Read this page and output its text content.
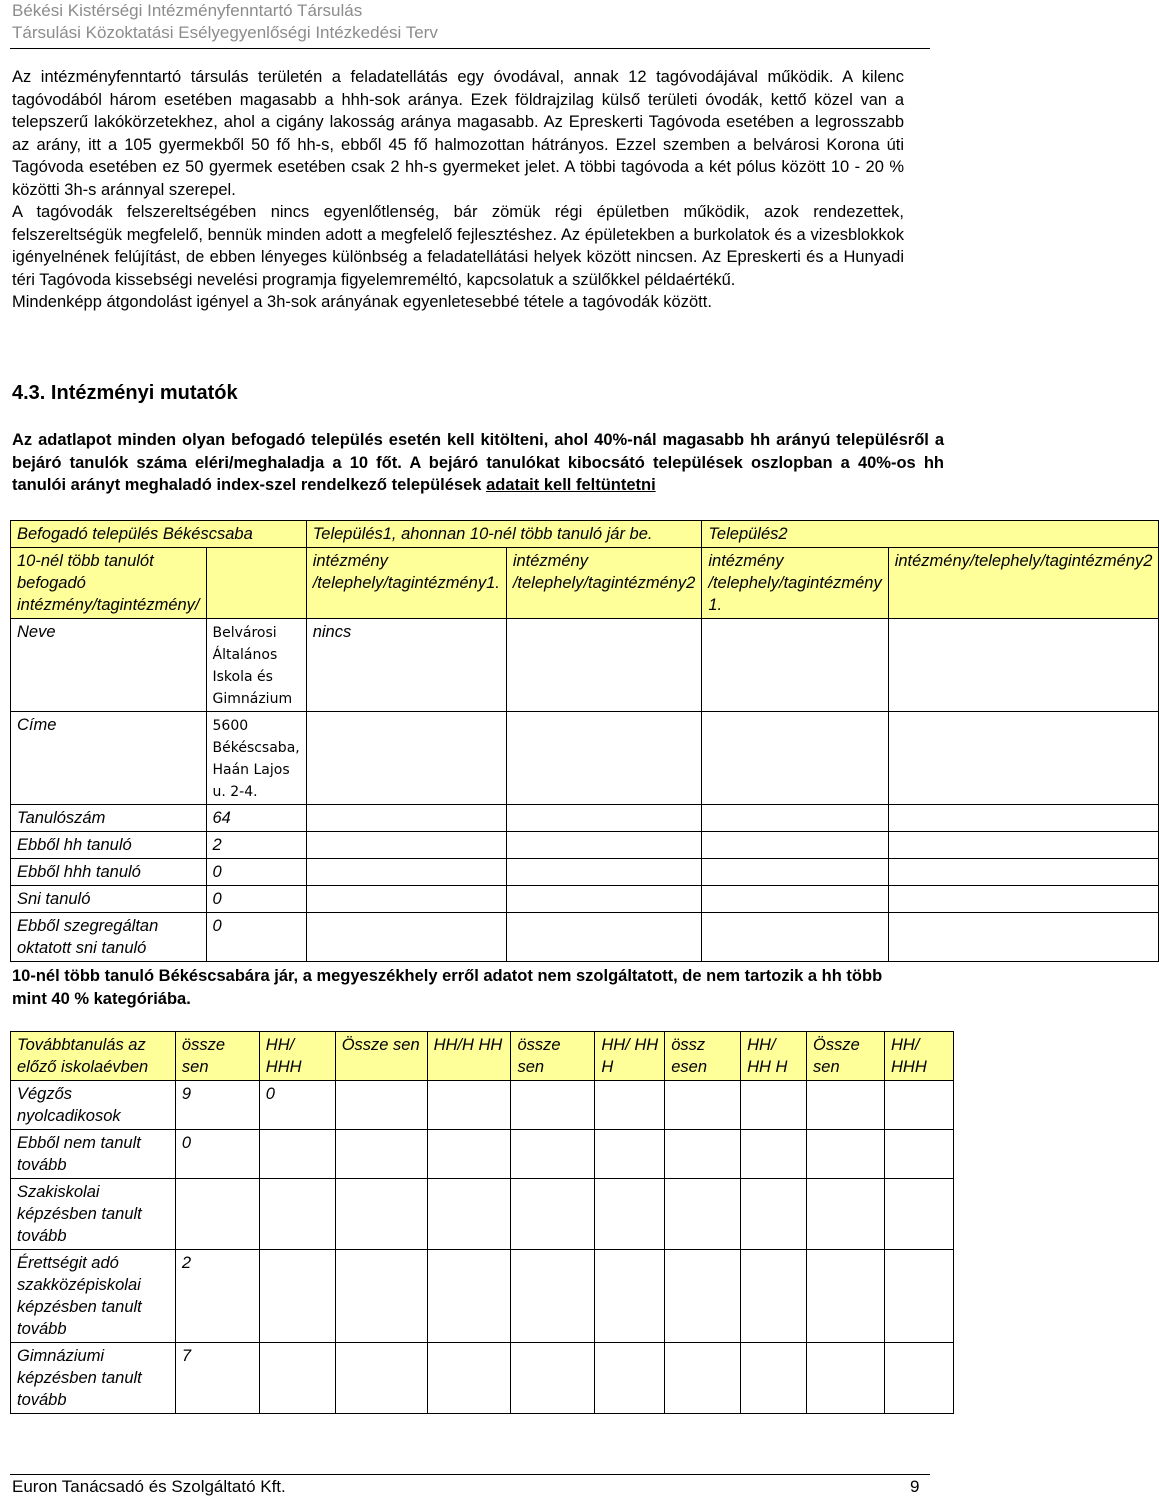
Békési Kistérségi Intézményfenntartó Társulás
Társulási Közoktatási Esélyegyenlőségi Intézkedési Terv

Az intézményfenntartó társulás területén a feladatellátás egy óvodával, annak 12 tagóvodájával működik. A kilenc tagóvodából három esetében magasabb a hhh-sok aránya. Ezek földrajzilag külső területi óvodák, kettő közel van a telepszerű lakókörzetekhez, ahol a cigány lakosság aránya magasabb. Az Epreskerti Tagóvoda esetében a legrosszabb az arány, itt a 105 gyermekből 50 fő hh-s, ebből 45 fő halmozottan hátrányos. Ezzel szemben a belvárosi Korona úti Tagóvoda esetében ez 50 gyermek esetében csak 2 hh-s gyermeket jelet. A többi tagóvoda a két pólus között 10 - 20 % közötti 3h-s aránnyal szerepel.

A tagóvodák felszereltségében nincs egyenlőtlenség, bár zömük régi épületben működik, azok rendezettek, felszereltségük megfelelő, bennük minden adott a megfelelő fejlesztéshez. Az épületekben a burkolatok és a vizesblokkok igényelnének felújítást, de ebben lényeges különbség a feladatellátási helyek között nincsen. Az Epreskerti és a Hunyadi téri Tagóvoda kissebségi nevelési programja figyelemreméltó, kapcsolatuk a szülőkkel példaértékű.

Mindenképp átgondolást igényel a 3h-sok arányának egyenletesebbé tétele a tagóvodák között.

4.3. Intézményi mutatók
Az adatlapot minden olyan befogadó település esetén kell kitölteni, ahol 40%-nál magasabb hh arányú településről a bejáró tanulók száma eléri/meghaladja a 10 főt. A bejáró tanulókat kibocsátó települések oszlopban a 40%-os hh tanulói arányt meghaladó index-szel rendelkező települések adatait kell feltüntetni
Befogadó település Békéscsaba		Település1, ahonnan 10-nél több tanuló jár be.		Település2	
10-nél több tanulót befogadó intézmény/tagintézmény/		intézmény /telephely/tagintézmény1.	intézmény /telephely/tagintézmény2	intézmény /telephely/tagintézmény 1.	intézmény/telephely/tagintézmény2
Neve	Belvárosi Általános Iskola és Gimnázium	nincs			
Címe	5600 Békéscsaba, Haán Lajos u. 2-4.				
Tanulószám	64				
Ebből hh tanuló	2				
Ebből hhh tanuló	0				
Sni tanuló	0				
Ebből szegregáltan oktatott sni tanuló	0				
10-nél több tanuló Békéscsabára jár, a megyeszékhely erről adatot nem szolgáltatott, de nem tartozik a hh több mint 40 % kategóriába.
Továbbtanulás az előző iskolaévben	össze sen	HH/ HHH	Össze sen	HH/H HH	össze sen	HH/ HH H	össz esen	HH/ HH H	Össze sen	HH/ HHH
Végzős nyolcadikosok	9	0								
Ebből nem tanult tovább	0									
Szakiskolai képzésben tanult tovább										
Érettségit adó szakközépiskolai képzésben tanult tovább	2									
Gimnáziumi képzésben tanult tovább	7									
Euron Tanácsadó és Szolgáltató Kft.	9
